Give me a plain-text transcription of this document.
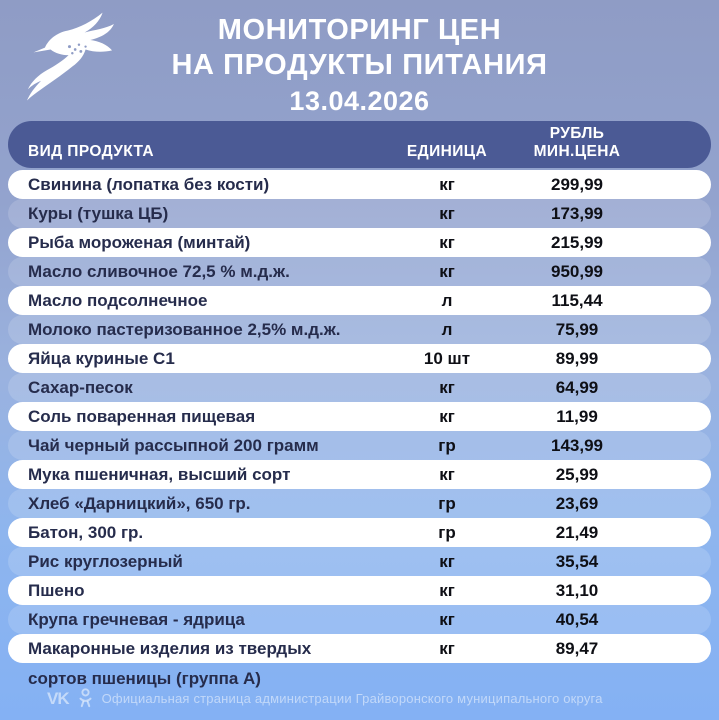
МОНИТОРИНГ ЦЕН
НА ПРОДУКТЫ ПИТАНИЯ
13.04.2026
ВИД ПРОДУКТА	ЕДИНИЦА
РУБЛЬ
МИН.ЦЕНА
Свинина (лопатка без кости)	кг	299,99
Куры (тушка ЦБ)	кг	173,99
Рыба мороженая (минтай)	кг	215,99
Масло сливочное 72,5 % м.д.ж.	кг	950,99
Масло подсолнечное	л	115,44
Молоко пастеризованное 2,5% м.д.ж.	л	75,99
Яйца куриные С1	10 шт	89,99
Сахар-песок	кг	64,99
Соль поваренная пищевая	кг	11,99
Чай черный рассыпной 200 грамм	гр	143,99
Мука пшеничная, высший сорт	кг	25,99
Хлеб «Дарницкий», 650 гр.	гр	23,69
Батон, 300 гр.	гр	21,49
Рис круглозерный	кг	35,54
Пшено	кг	31,10
Крупа гречневая - ядрица	кг	40,54
Макаронные изделия из твердых	кг	89,47
сортов пшеницы (группа А)
VK	Официальная страница администрации Грайворонского муниципального округа
